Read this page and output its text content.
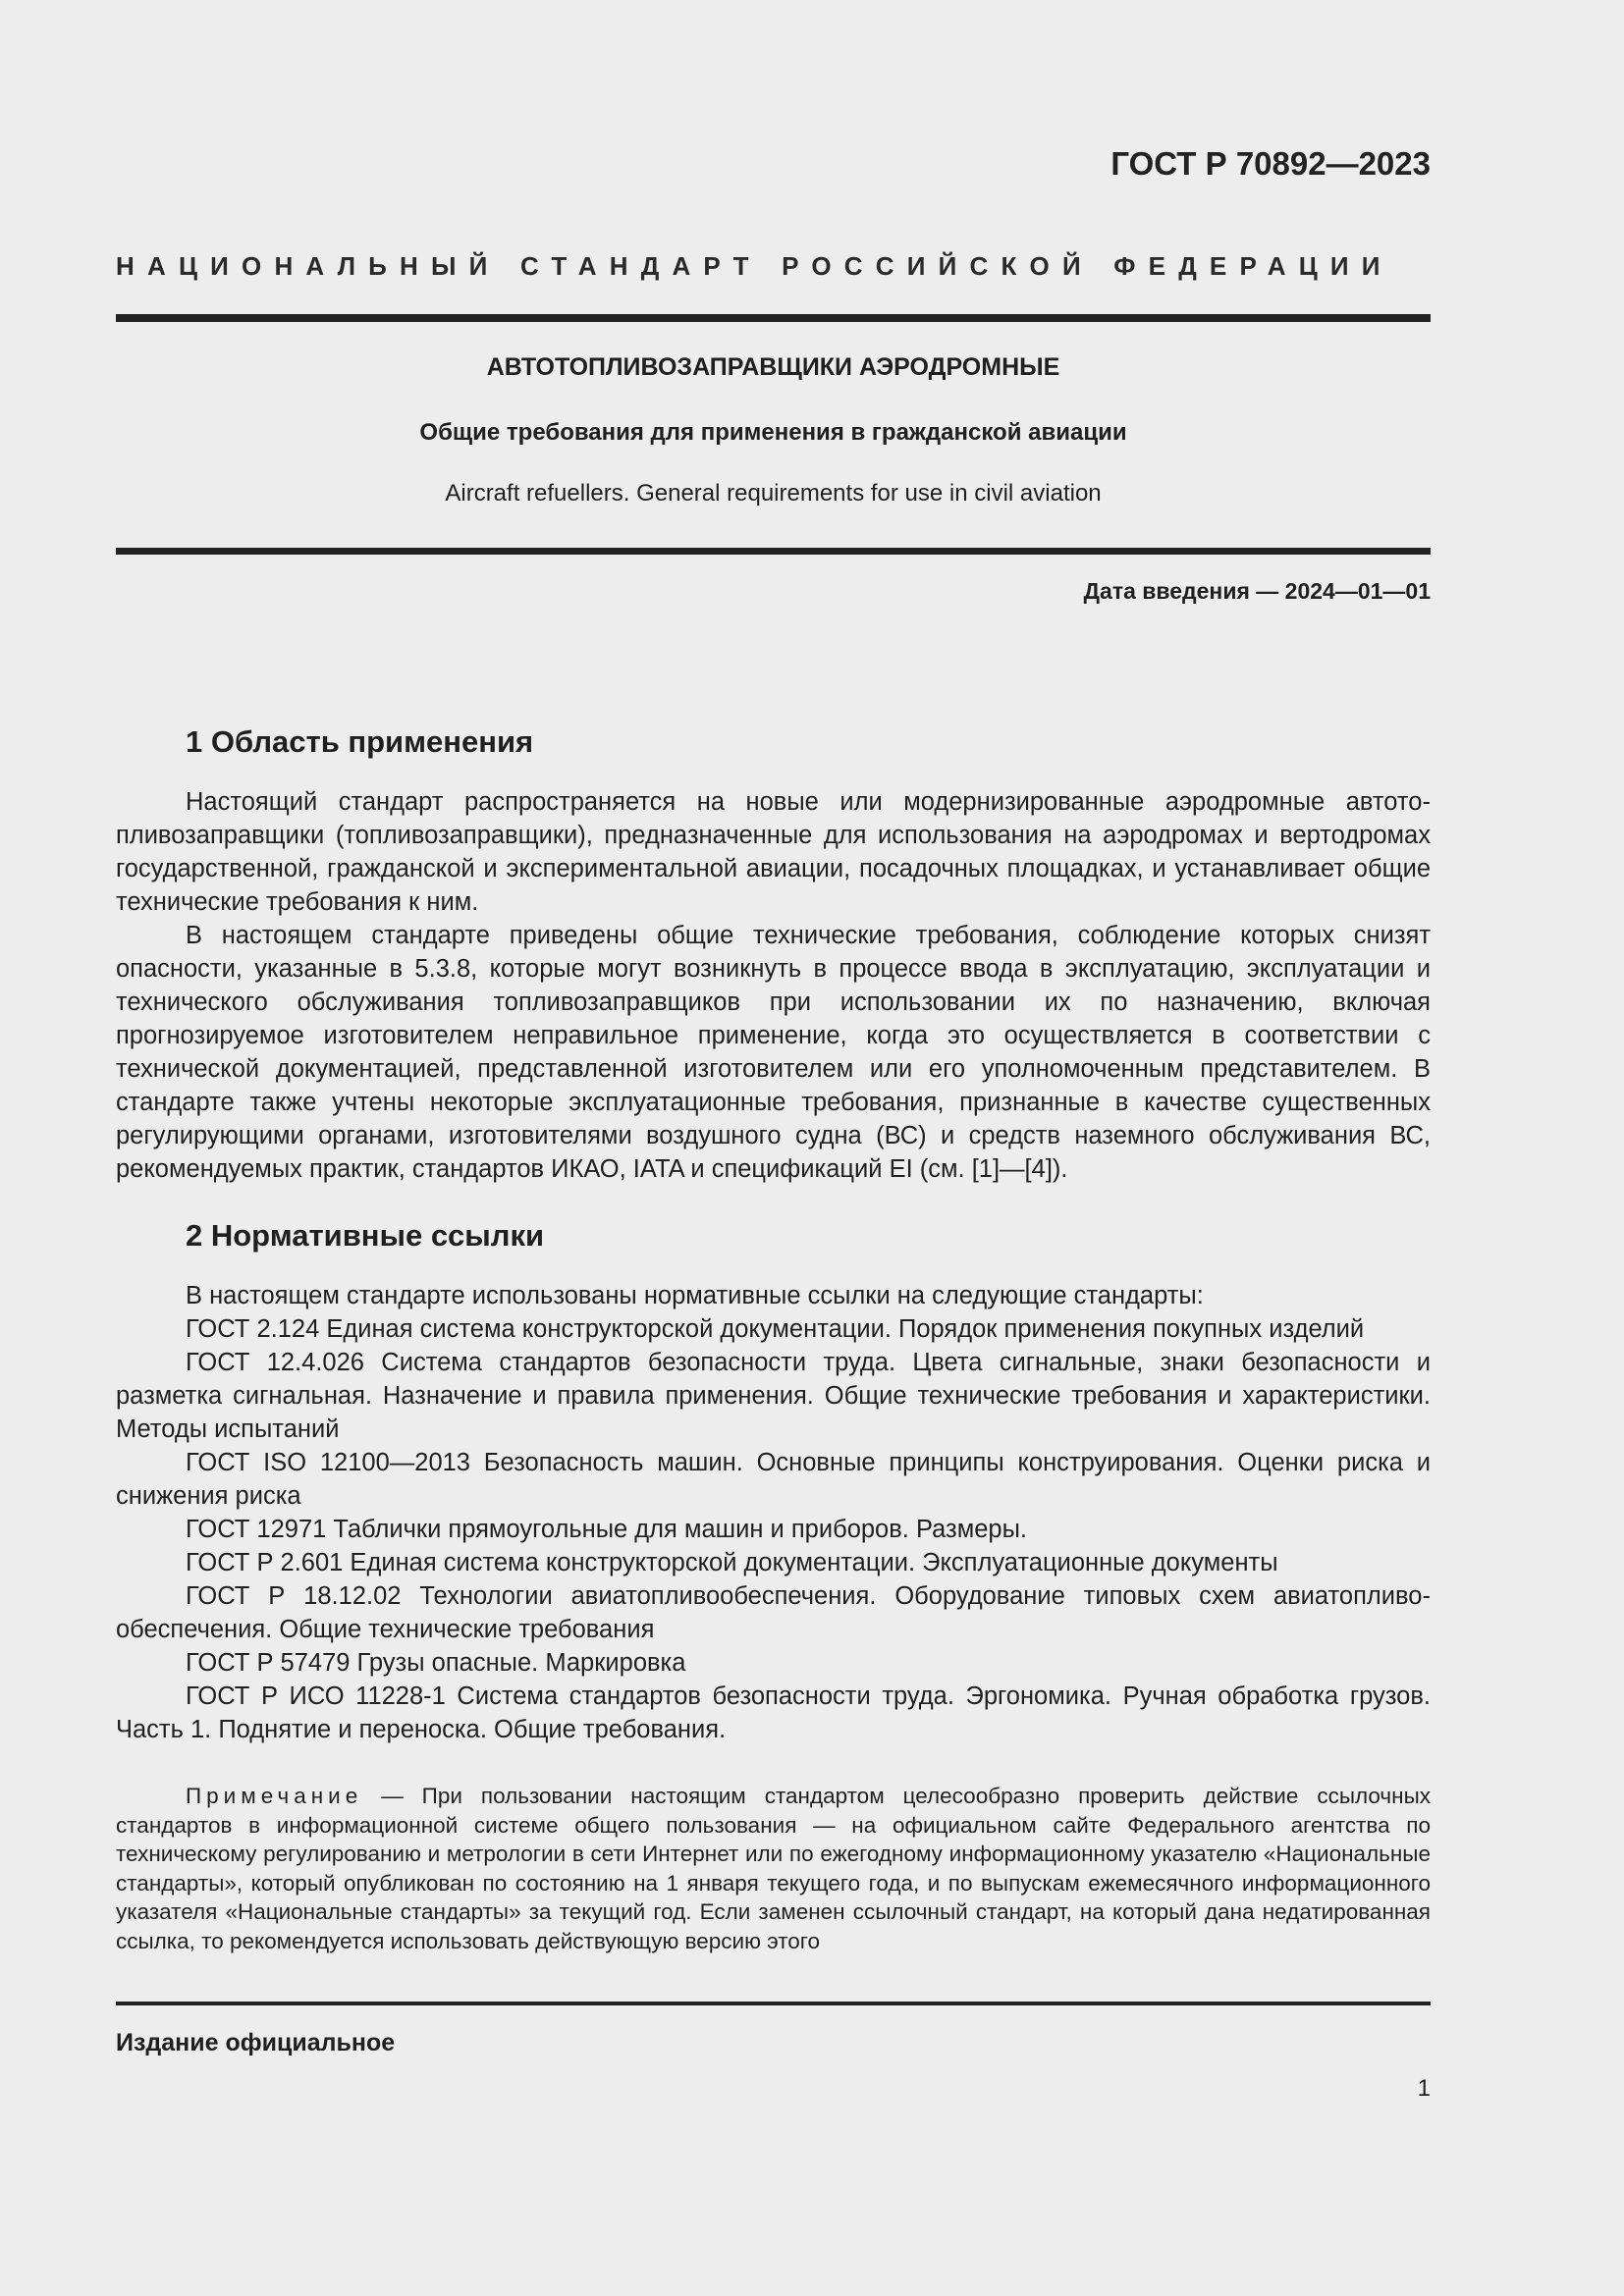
ГОСТ Р 70892—2023
НАЦИОНАЛЬНЫЙ СТАНДАРТ РОССИЙСКОЙ ФЕДЕРАЦИИ
АВТОТОПЛИВОЗАПРАВЩИКИ АЭРОДРОМНЫЕ
Общие требования для применения в гражданской авиации
Aircraft refuellers. General requirements for use in civil aviation
Дата введения — 2024—01—01
1 Область применения

Настоящий стандарт распространяется на новые или модернизированные аэродромные автотопливозаправщики (топливозаправщики), предназначенные для использования на аэродромах и вертодромах государственной, гражданской и экспериментальной авиации, посадочных площадках, и устанавливает общие технические требования к ним.

В настоящем стандарте приведены общие технические требования, соблюдение которых снизят опасности, указанные в 5.3.8, которые могут возникнуть в процессе ввода в эксплуатацию, эксплуатации и технического обслуживания топливозаправщиков при использовании их по назначению, включая прогнозируемое изготовителем неправильное применение, когда это осуществляется в соответствии с технической документацией, представленной изготовителем или его уполномоченным представителем. В стандарте также учтены некоторые эксплуатационные требования, признанные в качестве существенных регулирующими органами, изготовителями воздушного судна (ВС) и средств наземного обслуживания ВС, рекомендуемых практик, стандартов ИКАО, IATA и спецификаций EI (см. [1]—[4]).

2 Нормативные ссылки

В настоящем стандарте использованы нормативные ссылки на следующие стандарты:

ГОСТ 2.124 Единая система конструкторской документации. Порядок применения покупных изделий

ГОСТ 12.4.026 Система стандартов безопасности труда. Цвета сигнальные, знаки безопасности и разметка сигнальная. Назначение и правила применения. Общие технические требования и характеристики. Методы испытаний

ГОСТ ISO 12100—2013 Безопасность машин. Основные принципы конструирования. Оценки риска и снижения риска

ГОСТ 12971 Таблички прямоугольные для машин и приборов. Размеры.

ГОСТ Р 2.601 Единая система конструкторской документации. Эксплуатационные документы

ГОСТ Р 18.12.02 Технологии авиатопливообеспечения. Оборудование типовых схем авиатопливообеспечения. Общие технические требования

ГОСТ Р 57479 Грузы опасные. Маркировка

ГОСТ Р ИСО 11228-1 Система стандартов безопасности труда. Эргономика. Ручная обработка грузов. Часть 1. Поднятие и переноска. Общие требования.

Примечание — При пользовании настоящим стандартом целесообразно проверить действие ссылочных стандартов в информационной системе общего пользования — на официальном сайте Федерального агентства по техническому регулированию и метрологии в сети Интернет или по ежегодному информационному указателю «Национальные стандарты», который опубликован по состоянию на 1 января текущего года, и по выпускам ежемесячного информационного указателя «Национальные стандарты» за текущий год. Если заменен ссылочный стандарт, на который дана недатированная ссылка, то рекомендуется использовать действующую версию этого

Издание официальное
1
